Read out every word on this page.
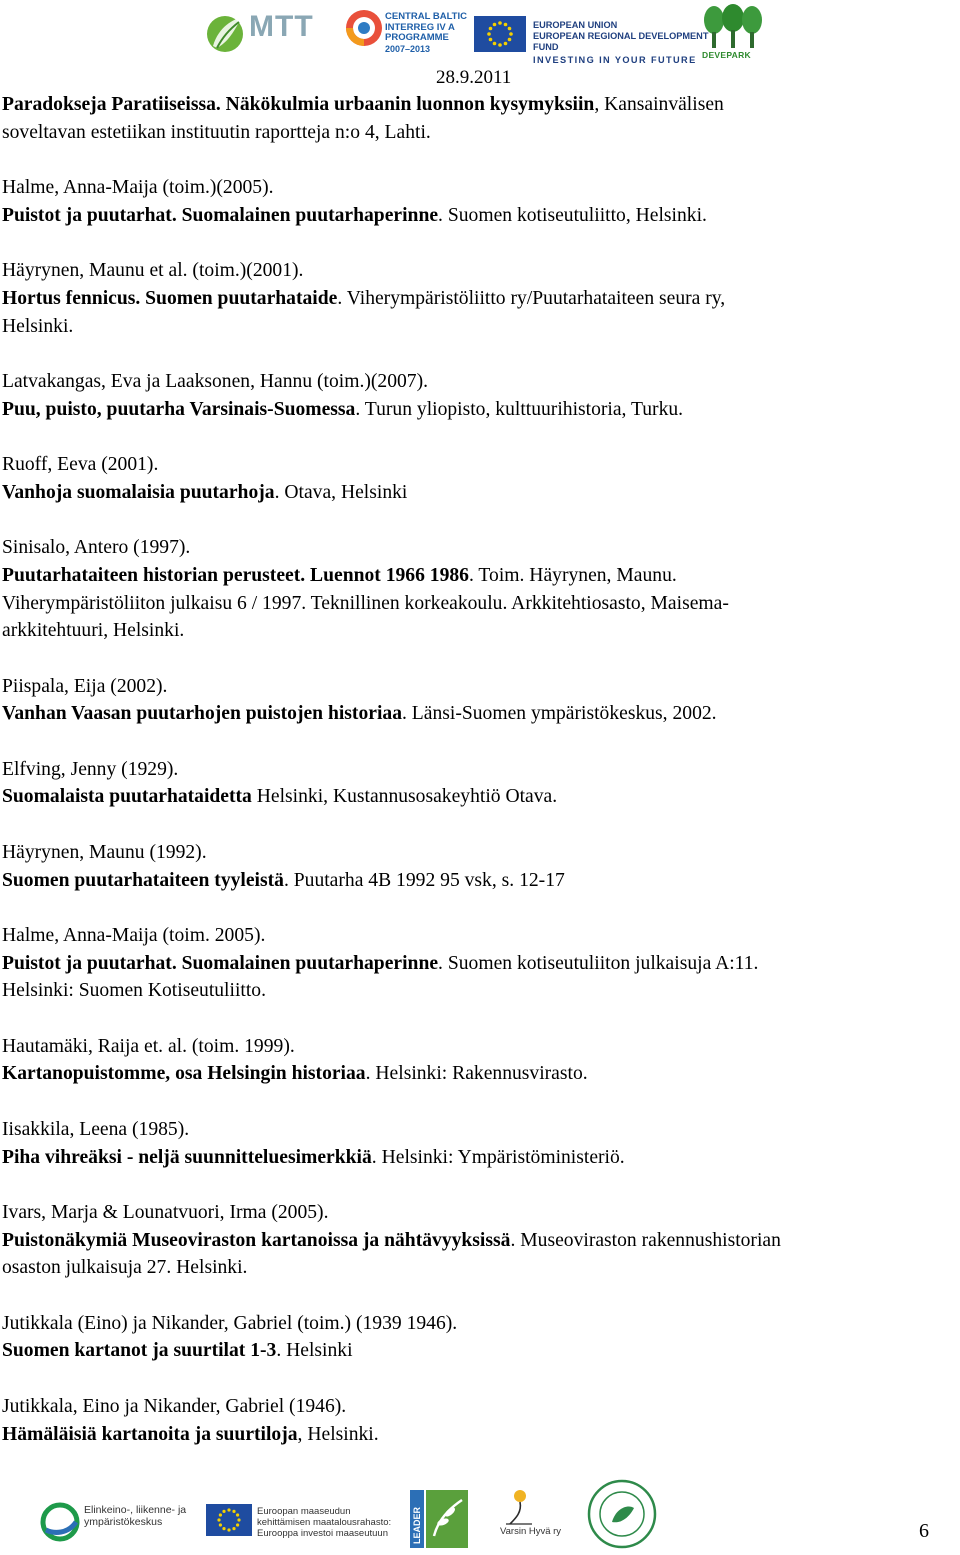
MTT	CENTRAL BALTIC
INTERREG IV A
PROGRAMME
2007–2013
EUROPEAN UNION
EUROPEAN REGIONAL DEVELOPMENT FUND
INVESTING IN YOUR FUTURE DEVEPARK
28.9.2011
Paradokseja Paratiiseissa. Näkökulmia urbaanin luonnon kysymyksiin, Kansainvälisen
soveltavan estetiikan instituutin raportteja n:o 4, Lahti.
Halme, Anna-Maija (toim.)(2005).
Puistot ja puutarhat. Suomalainen puutarhaperinne. Suomen kotiseutuliitto, Helsinki.
Häyrynen, Maunu et al. (toim.)(2001).
Hortus fennicus. Suomen puutarhataide. Viherympäristöliitto ry/Puutarhataiteen seura ry,
Helsinki.
Latvakangas, Eva ja Laaksonen, Hannu (toim.)(2007).
Puu, puisto, puutarha Varsinais-Suomessa. Turun yliopisto, kulttuurihistoria, Turku.
Ruoff, Eeva (2001).
Vanhoja suomalaisia puutarhoja. Otava, Helsinki
Sinisalo, Antero (1997).
Puutarhataiteen historian perusteet. Luennot 1966 1986. Toim. Häyrynen, Maunu.
Viherympäristöliiton julkaisu 6 / 1997. Teknillinen korkeakoulu. Arkkitehtiosasto, Maisema-
arkkitehtuuri, Helsinki.
Piispala, Eija (2002).
Vanhan Vaasan puutarhojen puistojen historiaa. Länsi-Suomen ympäristökeskus, 2002.
Elfving, Jenny (1929).
Suomalaista puutarhataidetta Helsinki, Kustannusosakeyhtiö Otava.
Häyrynen, Maunu (1992).
Suomen puutarhataiteen tyyleistä. Puutarha 4B 1992 95 vsk, s. 12-17
Halme, Anna-Maija (toim. 2005).
Puistot ja puutarhat. Suomalainen puutarhaperinne. Suomen kotiseutuliiton julkaisuja A:11.
Helsinki: Suomen Kotiseutuliitto.
Hautamäki, Raija et. al. (toim. 1999).
Kartanopuistomme, osa Helsingin historiaa. Helsinki: Rakennusvirasto.
Iisakkila, Leena (1985).
Piha vihreäksi - neljä suunnitteluesimerkkiä. Helsinki: Ympäristöministeriö.
Ivars, Marja & Lounatvuori, Irma (2005).
Puistonäkymiä Museoviraston kartanoissa ja nähtävyyksissä. Museoviraston rakennushistorian
osaston julkaisuja 27. Helsinki.
Jutikkala (Eino) ja Nikander, Gabriel (toim.) (1939 1946).
Suomen kartanot ja suurtilat 1-3. Helsinki
Jutikkala, Eino ja Nikander, Gabriel (1946).
Hämäläisiä kartanoita ja suurtiloja, Helsinki.
Elinkeino-, liikenne- ja
ympäristökeskus
Euroopan maaseudun
kehittämisen maatalousrahasto:
Eurooppa investoi maaseutuun	LEADER	Varsin Hyvä ry	6
